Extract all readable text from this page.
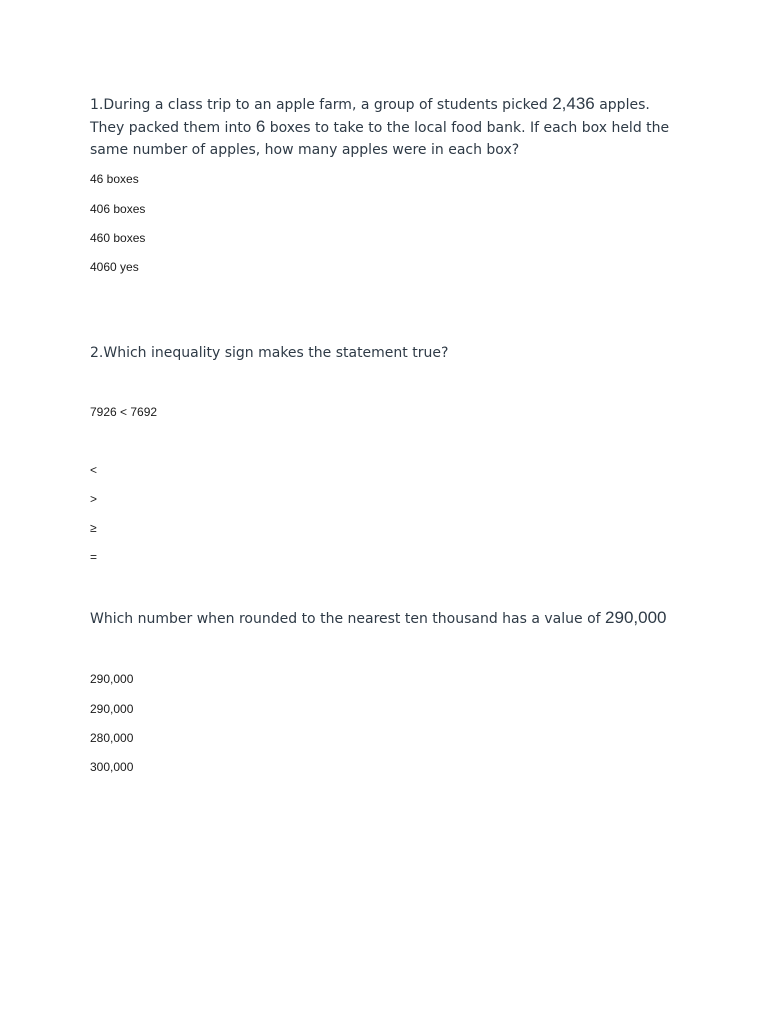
1.During a class trip to an apple farm, a group of students picked 2,436 apples. They packed them into 6 boxes to take to the local food bank. If each box held the same number of apples, how many apples were in each box?

46 boxes

406 boxes

460 boxes

4060 yes

2.Which inequality sign makes the statement true?

7926 < 7692

<

>

≥

=

Which number when rounded to the nearest ten thousand has a value of 290,000

290,000

290,000

280,000

300,000
